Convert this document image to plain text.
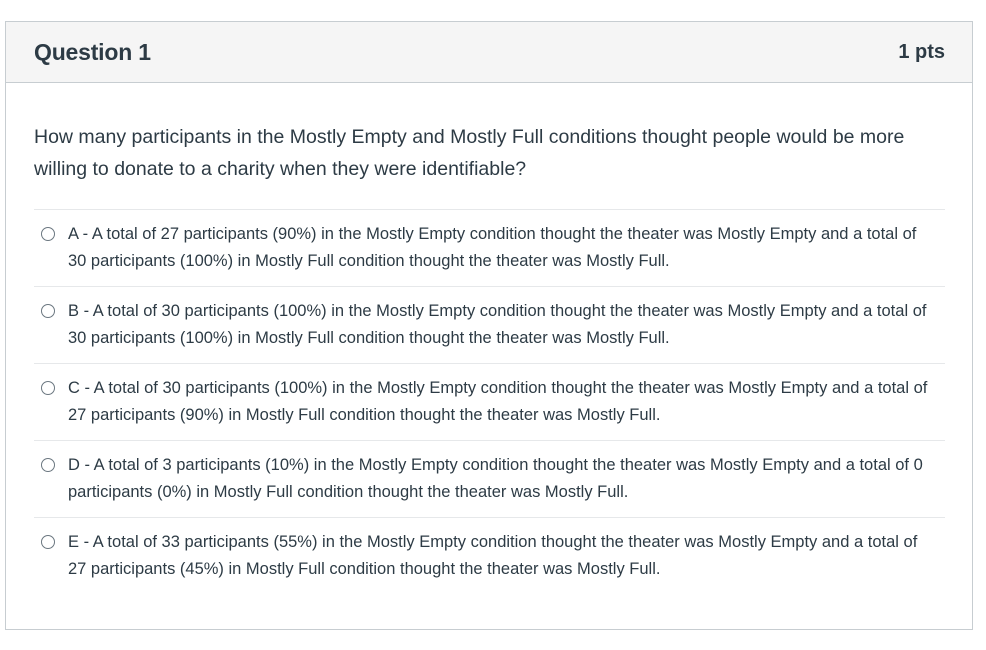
Question 1	1 pts
How many participants in the Mostly Empty and Mostly Full conditions thought people would be more willing to donate to a charity when they were identifiable?
A - A total of 27 participants (90%) in the Mostly Empty condition thought the theater was Mostly Empty and a total of 30 participants (100%) in Mostly Full condition thought the theater was Mostly Full.
B - A total of 30 participants (100%) in the Mostly Empty condition thought the theater was Mostly Empty and a total of 30 participants (100%) in Mostly Full condition thought the theater was Mostly Full.
C - A total of 30 participants (100%) in the Mostly Empty condition thought the theater was Mostly Empty and a total of 27 participants (90%) in Mostly Full condition thought the theater was Mostly Full.
D - A total of 3 participants (10%) in the Mostly Empty condition thought the theater was Mostly Empty and a total of 0 participants (0%) in Mostly Full condition thought the theater was Mostly Full.
E - A total of 33 participants (55%) in the Mostly Empty condition thought the theater was Mostly Empty and a total of 27 participants (45%) in Mostly Full condition thought the theater was Mostly Full.
